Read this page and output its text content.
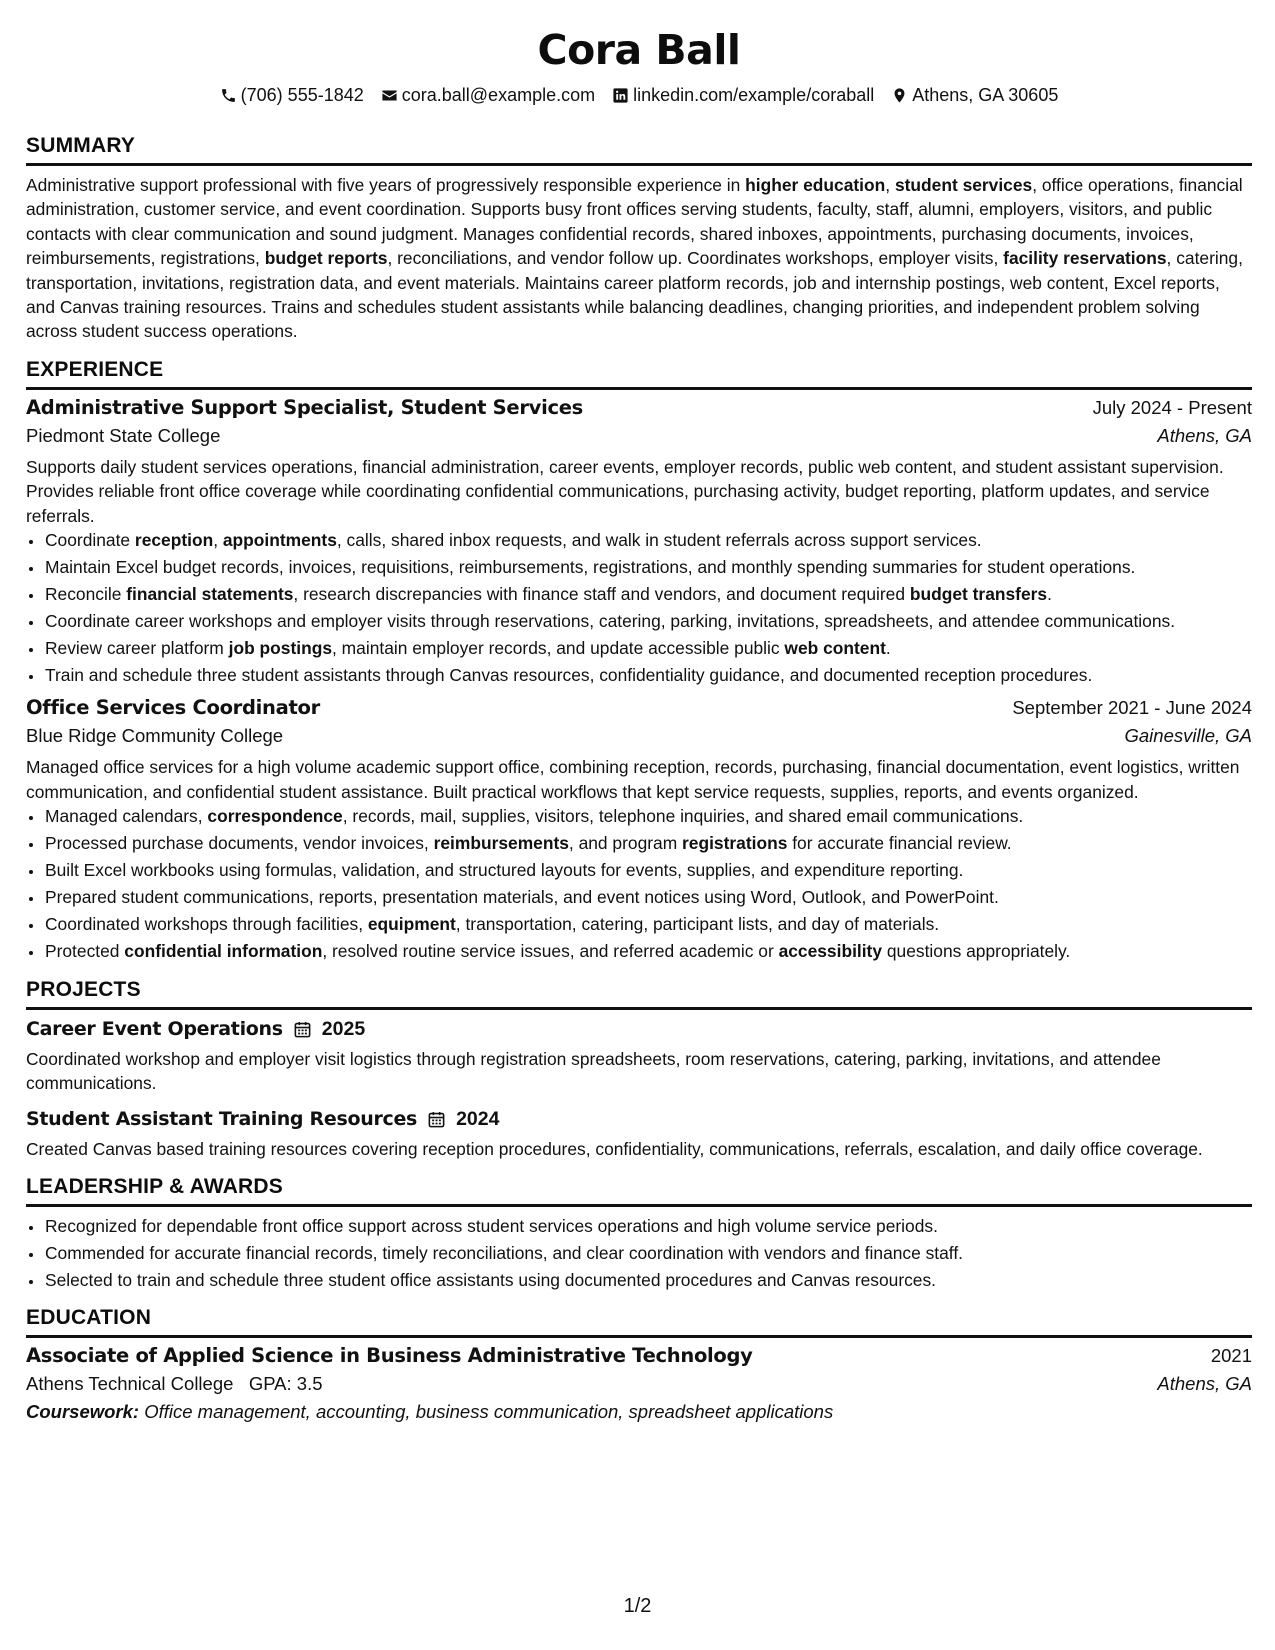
Cora Ball
(706) 555-1842 cora.ball@example.com linkedin.com/example/coraball Athens, GA 30605
SUMMARY

Administrative support professional with five years of progressively responsible experience in higher education, student services, office operations, financial administration, customer service, and event coordination. Supports busy front offices serving students, faculty, staff, alumni, employers, visitors, and public contacts with clear communication and sound judgment. Manages confidential records, shared inboxes, appointments, purchasing documents, invoices, reimbursements, registrations, budget reports, reconciliations, and vendor follow up. Coordinates workshops, employer visits, facility reservations, catering, transportation, invitations, registration data, and event materials. Maintains career platform records, job and internship postings, web content, Excel reports, and Canvas training resources. Trains and schedules student assistants while balancing deadlines, changing priorities, and independent problem solving across student success operations.

EXPERIENCE
Administrative Support Specialist, Student Services	July 2024 - Present
Piedmont State College	Athens, GA

Supports daily student services operations, financial administration, career events, employer records, public web content, and student assistant supervision. Provides reliable front office coverage while coordinating confidential communications, purchasing activity, budget reporting, platform updates, and service referrals.

• Coordinate reception, appointments, calls, shared inbox requests, and walk in student referrals across support services.
• Maintain Excel budget records, invoices, requisitions, reimbursements, registrations, and monthly spending summaries for student operations.
• Reconcile financial statements, research discrepancies with finance staff and vendors, and document required budget transfers.
• Coordinate career workshops and employer visits through reservations, catering, parking, invitations, spreadsheets, and attendee communications.
• Review career platform job postings, maintain employer records, and update accessible public web content.
• Train and schedule three student assistants through Canvas resources, confidentiality guidance, and documented reception procedures.
Office Services Coordinator	September 2021 - June 2024
Blue Ridge Community College	Gainesville, GA

Managed office services for a high volume academic support office, combining reception, records, purchasing, financial documentation, event logistics, written communication, and confidential student assistance. Built practical workflows that kept service requests, supplies, reports, and events organized.

• Managed calendars, correspondence, records, mail, supplies, visitors, telephone inquiries, and shared email communications.
• Processed purchase documents, vendor invoices, reimbursements, and program registrations for accurate financial review.
• Built Excel workbooks using formulas, validation, and structured layouts for events, supplies, and expenditure reporting.
• Prepared student communications, reports, presentation materials, and event notices using Word, Outlook, and PowerPoint.
• Coordinated workshops through facilities, equipment, transportation, catering, participant lists, and day of materials.
• Protected confidential information, resolved routine service issues, and referred academic or accessibility questions appropriately.
PROJECTS
Career Event Operations 2025

Coordinated workshop and employer visit logistics through registration spreadsheets, room reservations, catering, parking, invitations, and attendee communications.

Student Assistant Training Resources 2024

Created Canvas based training resources covering reception procedures, confidentiality, communications, referrals, escalation, and daily office coverage.

LEADERSHIP & AWARDS
• Recognized for dependable front office support across student services operations and high volume service periods.
• Commended for accurate financial records, timely reconciliations, and clear coordination with vendors and finance staff.
• Selected to train and schedule three student office assistants using documented procedures and Canvas resources.
EDUCATION
Associate of Applied Science in Business Administrative Technology	2021
Athens Technical College GPA: 3.5	Athens, GA
Coursework: Office management, accounting, business communication, spreadsheet applications
1/2
